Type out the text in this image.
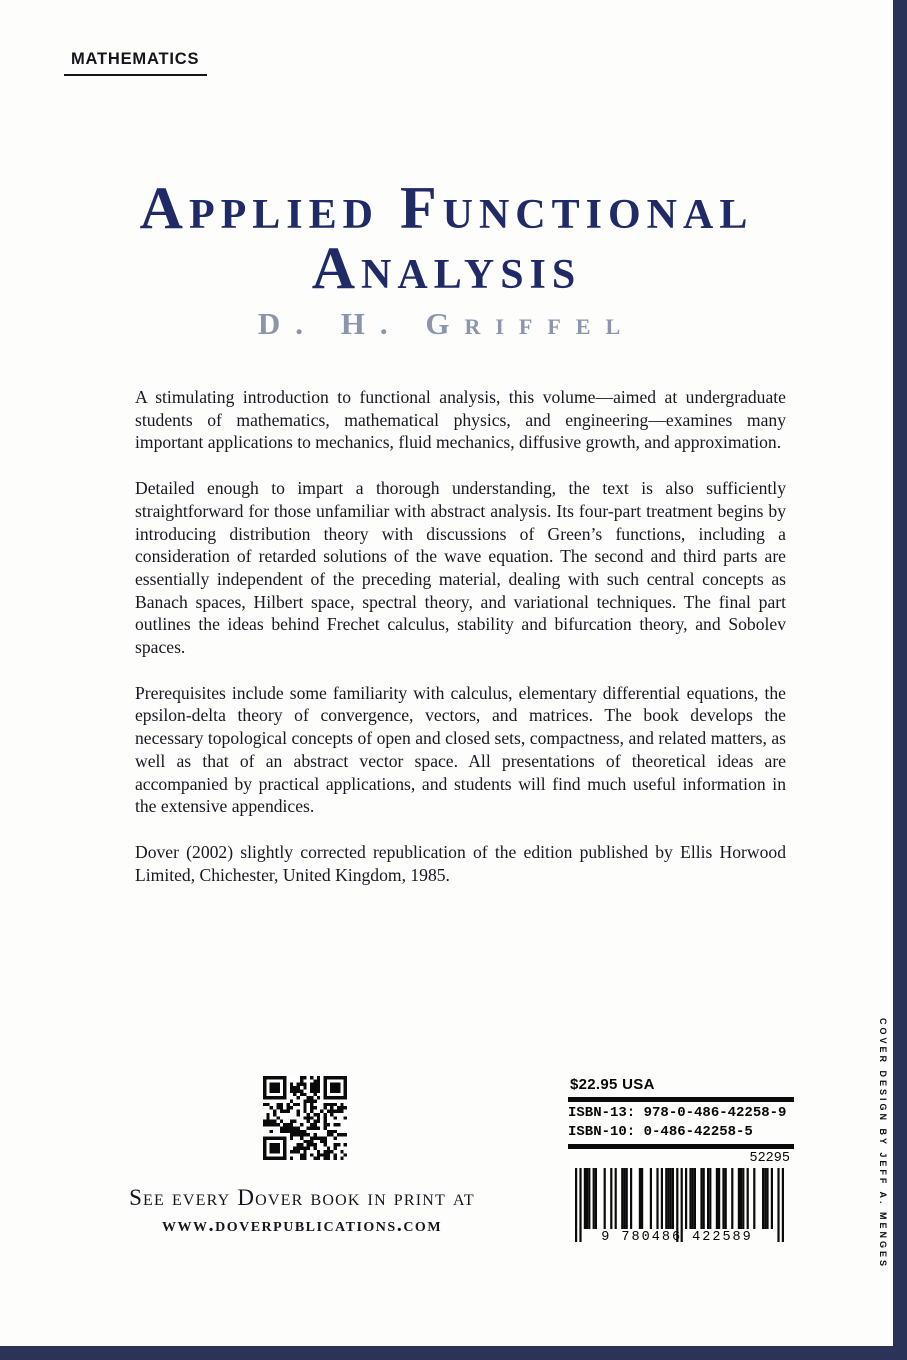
MATHEMATICS
Applied Functional
Analysis
D. H. Griffel

A stimulating introduction to functional analysis, this volume—aimed at undergraduate students of mathematics, mathematical physics, and engineering—examines many important applications to mechanics, fluid mechanics, diffusive growth, and approximation.

Detailed enough to impart a thorough understanding, the text is also sufficiently straightforward for those unfamiliar with abstract analysis. Its four-part treatment begins by introducing distribution theory with discussions of Green’s functions, including a consideration of retarded solutions of the wave equation. The second and third parts are essentially independent of the preceding material, dealing with such central concepts as Banach spaces, Hilbert space, spectral theory, and variational techniques. The final part outlines the ideas behind Frechet calculus, stability and bifurcation theory, and Sobolev spaces.

Prerequisites include some familiarity with calculus, elementary differential equations, the epsilon-delta theory of convergence, vectors, and matrices. The book develops the necessary topological concepts of open and closed sets, compactness, and related matters, as well as that of an abstract vector space. All presentations of theoretical ideas are accompanied by practical applications, and students will find much useful information in the extensive appendices.

Dover (2002) slightly corrected republication of the edition published by Ellis Horwood Limited, Chichester, United Kingdom, 1985.

See every Dover book in print at
www.doverpublications.com
$22.95 USA
ISBN-13: 978-0-486-42258-9
ISBN-10: 0-486-42258-5
52295
9 780486 422589	COVER DESIGN BY JEFF A. MENGES
